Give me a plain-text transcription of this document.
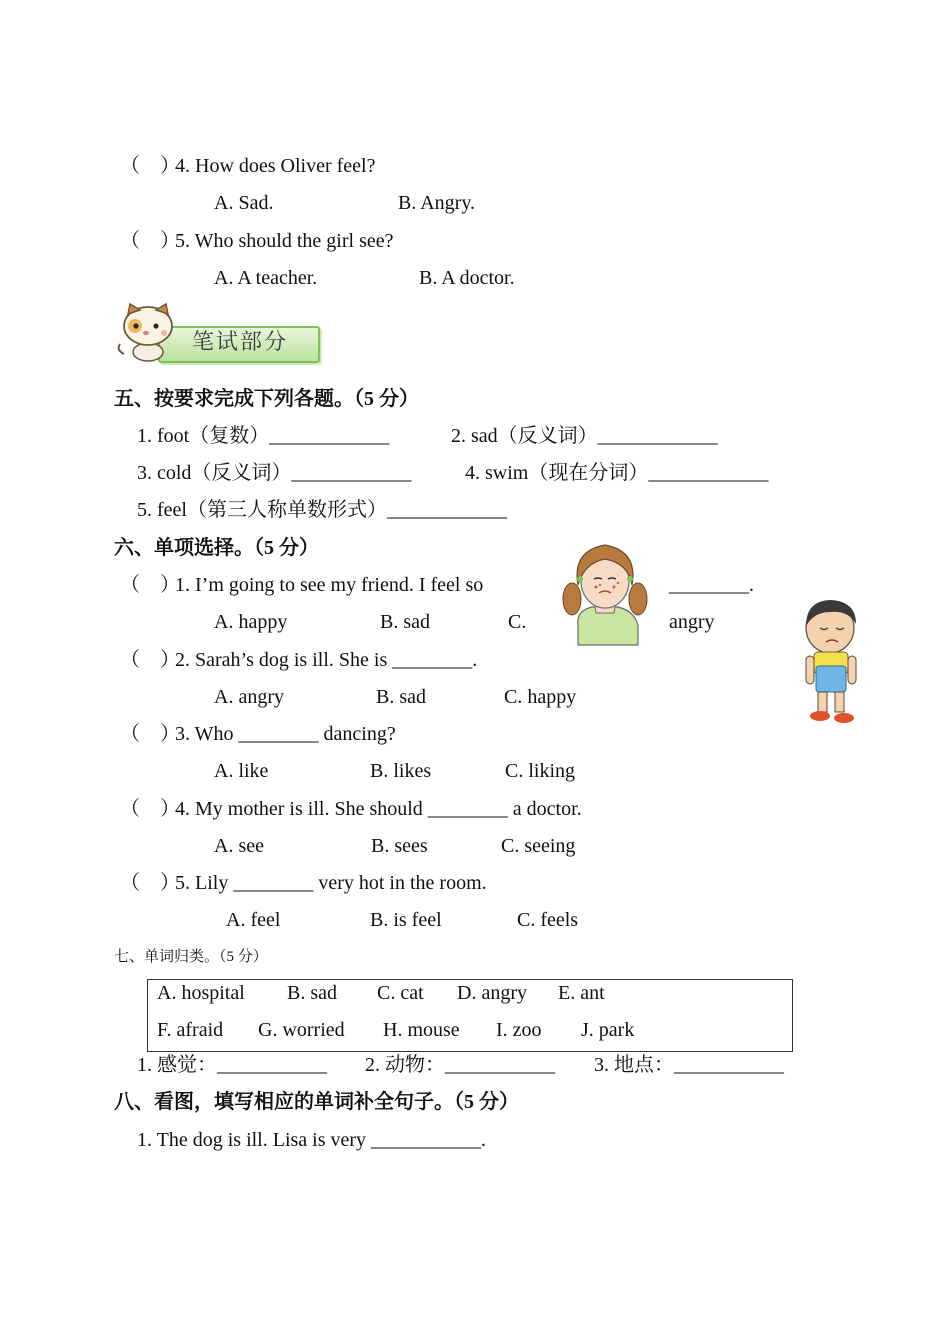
（　）
4. How does Oliver feel?
A. Sad.	B. Angry.
（　）
5. Who should the girl see?
A. A teacher.	B. A doctor.
笔试部分
五、按要求完成下列各题。（5 分）
1. foot（复数）____________	2. sad（反义词）____________
3. cold（反义词）____________	4. swim（现在分词）____________
5. feel（第三人称单数形式）____________
六、单项选择。（5 分）
（　）
1. I’m going to see my friend. I feel so	________.
A. happy	B. sad	C.	angry
（　）
2. Sarah’s dog is ill. She is ________.
A. angry	B. sad	C. happy
（　）
3. Who ________ dancing?
A. like	B. likes	C. liking
（　）
4. My mother is ill. She should ________ a doctor.
A. see	B. sees	C. seeing
（　）
5. Lily ________ very hot in the room.
A. feel	B. is feel	C. feels
七、单词归类。（5 分）
A. hospital B. sad C. cat D. angry E. ant
F. afraid G. worried H. mouse I. zoo J. park
1. 感觉：___________ 2. 动物：___________ 3. 地点：___________
八、看图，填写相应的单词补全句子。（5 分）
1. The dog is ill. Lisa is very ___________.
